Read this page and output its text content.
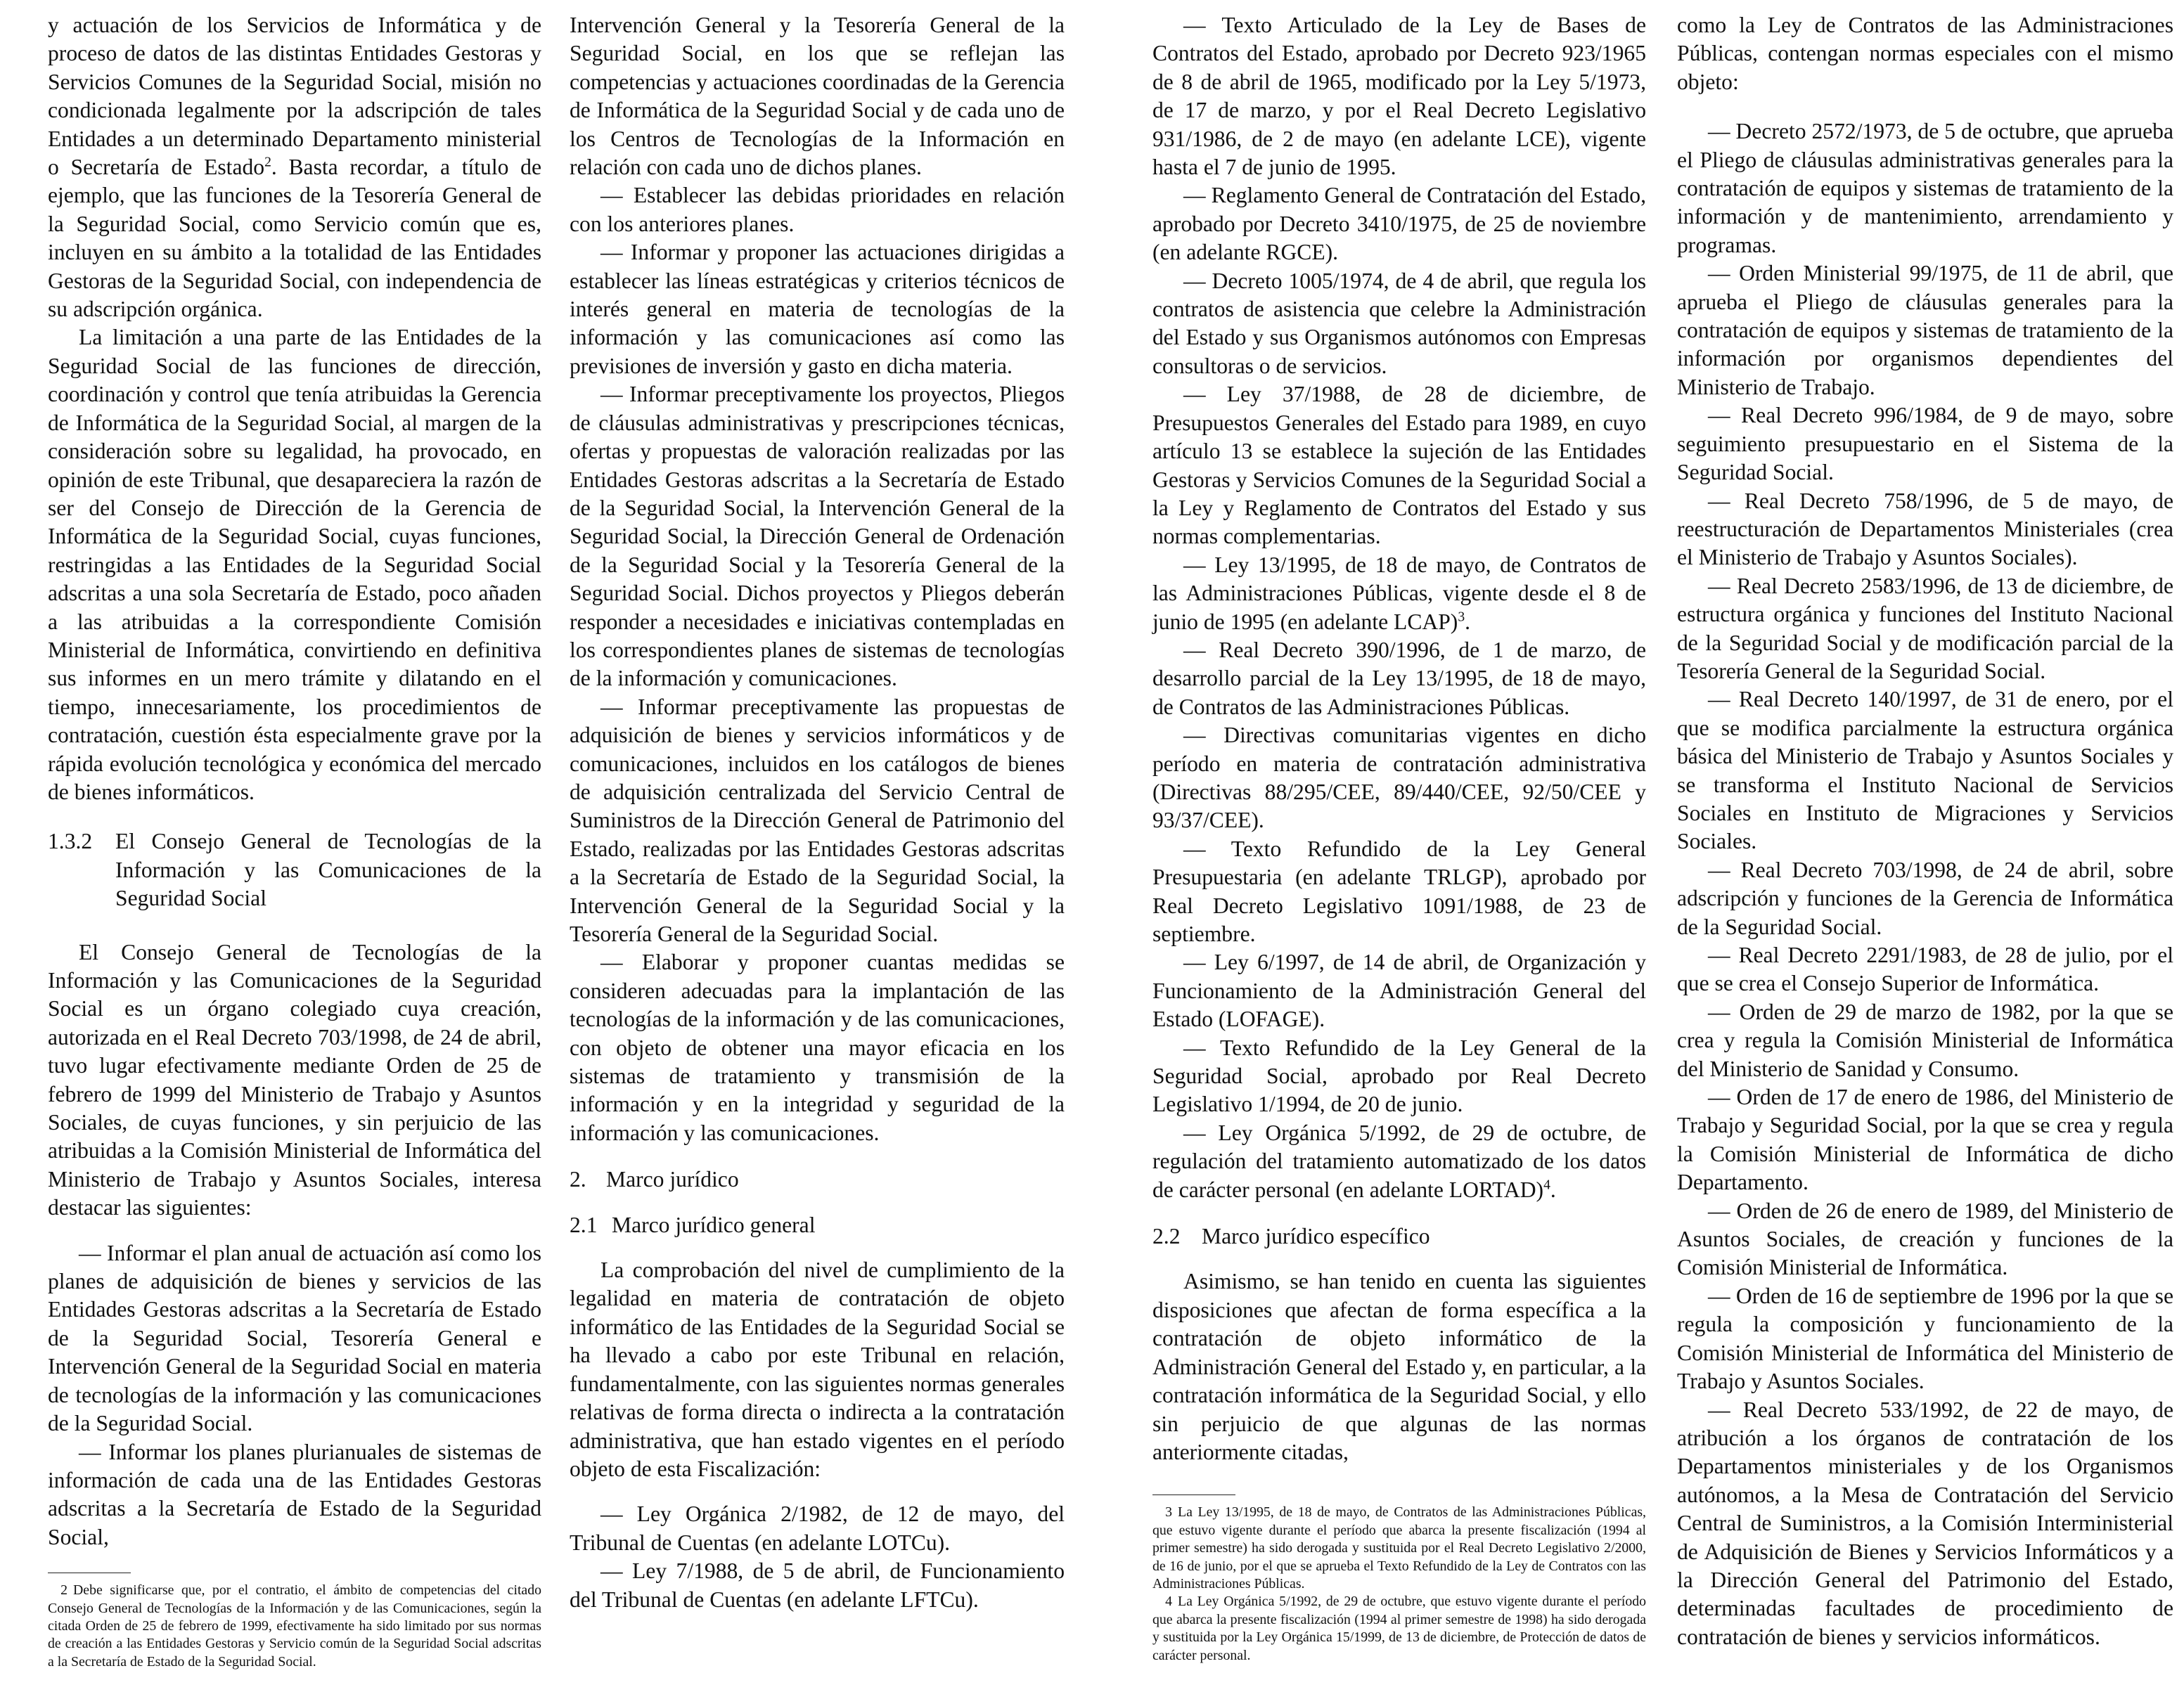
y actuación de los Servicios de Informática y de proceso de datos de las distintas Entidades Gestoras y Servicios Comunes de la Seguridad Social, misión no condicionada legalmente por la adscripción de tales Entidades a un determinado Departamento ministerial o Secretaría de Estado$^2$. Basta recordar, a título de ejemplo, que las funciones de la Tesorería General de la Seguridad Social, como Servicio común que es, incluyen en su ámbito a la totalidad de las Entidades Gestoras de la Seguridad Social, con independencia de su adscripción orgánica.

La limitación a una parte de las Entidades de la Seguridad Social de las funciones de dirección, coordinación y control que tenía atribuidas la Gerencia de Informática de la Seguridad Social, al margen de la consideración sobre su legalidad, ha provocado, en opinión de este Tribunal, que desapareciera la razón de ser del Consejo de Dirección de la Gerencia de Informática de la Seguridad Social, cuyas funciones, restringidas a las Entidades de la Seguridad Social adscritas a una sola Secretaría de Estado, poco añaden a las atribuidas a la correspondiente Comisión Ministerial de Informática, convirtiendo en definitiva sus informes en un mero trámite y dilatando en el tiempo, innecesariamente, los procedimientos de contratación, cuestión ésta especialmente grave por la rápida evolución tecnológica y económica del mercado de bienes informáticos.

1.3.2	El Consejo General de Tecnologías de la Información y las Comunicaciones de la Seguridad Social

El Consejo General de Tecnologías de la Información y las Comunicaciones de la Seguridad Social es un órgano colegiado cuya creación, autorizada en el Real Decreto 703/1998, de 24 de abril, tuvo lugar efectivamente mediante Orden de 25 de febrero de 1999 del Ministerio de Trabajo y Asuntos Sociales, de cuyas funciones, y sin perjuicio de las atribuidas a la Comisión Ministerial de Informática del Ministerio de Trabajo y Asuntos Sociales, interesa destacar las siguientes:

— Informar el plan anual de actuación así como los planes de adquisición de bienes y servicios de las Entidades Gestoras adscritas a la Secretaría de Estado de la Seguridad Social, Tesorería General e Intervención General de la Seguridad Social en materia de tecnologías de la información y las comunicaciones de la Seguridad Social.

— Informar los planes plurianuales de sistemas de información de cada una de las Entidades Gestoras adscritas a la Secretaría de Estado de la Seguridad Social,

2 Debe significarse que, por el contratio, el ámbito de competencias del citado Consejo General de Tecnologías de la Información y de las Comunicaciones, según la citada Orden de 25 de febrero de 1999, efectivamente ha sido limitado por sus normas de creación a las Entidades Gestoras y Servicio común de la Seguridad Social adscritas a la Secretaría de Estado de la Seguridad Social.

Intervención General y la Tesorería General de la Seguridad Social, en los que se reflejan las competencias y actuaciones coordinadas de la Gerencia de Informática de la Seguridad Social y de cada uno de los Centros de Tecnologías de la Información en relación con cada uno de dichos planes.

— Establecer las debidas prioridades en relación con los anteriores planes.

— Informar y proponer las actuaciones dirigidas a establecer las líneas estratégicas y criterios técnicos de interés general en materia de tecnologías de la información y las comunicaciones así como las previsiones de inversión y gasto en dicha materia.

— Informar preceptivamente los proyectos, Pliegos de cláusulas administrativas y prescripciones técnicas, ofertas y propuestas de valoración realizadas por las Entidades Gestoras adscritas a la Secretaría de Estado de la Seguridad Social, la Intervención General de la Seguridad Social, la Dirección General de Ordenación de la Seguridad Social y la Tesorería General de la Seguridad Social. Dichos proyectos y Pliegos deberán responder a necesidades e iniciativas contempladas en los correspondientes planes de sistemas de tecnologías de la información y comunicaciones.

— Informar preceptivamente las propuestas de adquisición de bienes y servicios informáticos y de comunicaciones, incluidos en los catálogos de bienes de adquisición centralizada del Servicio Central de Suministros de la Dirección General de Patrimonio del Estado, realizadas por las Entidades Gestoras adscritas a la Secretaría de Estado de la Seguridad Social, la Intervención General de la Seguridad Social y la Tesorería General de la Seguridad Social.

— Elaborar y proponer cuantas medidas se consideren adecuadas para la implantación de las tecnologías de la información y de las comunicaciones, con objeto de obtener una mayor eficacia en los sistemas de tratamiento y transmisión de la información y en la integridad y seguridad de la información y las comunicaciones.

2. Marco jurídico
2.1 Marco jurídico general

La comprobación del nivel de cumplimiento de la legalidad en materia de contratación de objeto informático de las Entidades de la Seguridad Social se ha llevado a cabo por este Tribunal en relación, fundamentalmente, con las siguientes normas generales relativas de forma directa o indirecta a la contratación administrativa, que han estado vigentes en el período objeto de esta Fiscalización:

— Ley Orgánica 2/1982, de 12 de mayo, del Tribunal de Cuentas (en adelante LOTCu).

— Ley 7/1988, de 5 de abril, de Funcionamiento del Tribunal de Cuentas (en adelante LFTCu).

— Texto Articulado de la Ley de Bases de Contratos del Estado, aprobado por Decreto 923/1965 de 8 de abril de 1965, modificado por la Ley 5/1973, de 17 de marzo, y por el Real Decreto Legislativo 931/1986, de 2 de mayo (en adelante LCE), vigente hasta el 7 de junio de 1995.

— Reglamento General de Contratación del Estado, aprobado por Decreto 3410/1975, de 25 de noviembre (en adelante RGCE).

— Decreto 1005/1974, de 4 de abril, que regula los contratos de asistencia que celebre la Administración del Estado y sus Organismos autónomos con Empresas consultoras o de servicios.

— Ley 37/1988, de 28 de diciembre, de Presupuestos Generales del Estado para 1989, en cuyo artículo 13 se establece la sujeción de las Entidades Gestoras y Servicios Comunes de la Seguridad Social a la Ley y Reglamento de Contratos del Estado y sus normas complementarias.

— Ley 13/1995, de 18 de mayo, de Contratos de las Administraciones Públicas, vigente desde el 8 de junio de 1995 (en adelante LCAP)$^3$.

— Real Decreto 390/1996, de 1 de marzo, de desarrollo parcial de la Ley 13/1995, de 18 de mayo, de Contratos de las Administraciones Públicas.

— Directivas comunitarias vigentes en dicho período en materia de contratación administrativa (Directivas 88/295/CEE, 89/440/CEE, 92/50/CEE y 93/37/CEE).

— Texto Refundido de la Ley General Presupuestaria (en adelante TRLGP), aprobado por Real Decreto Legislativo 1091/1988, de 23 de septiembre.

— Ley 6/1997, de 14 de abril, de Organización y Funcionamiento de la Administración General del Estado (LOFAGE).

— Texto Refundido de la Ley General de la Seguridad Social, aprobado por Real Decreto Legislativo 1/1994, de 20 de junio.

— Ley Orgánica 5/1992, de 29 de octubre, de regulación del tratamiento automatizado de los datos de carácter personal (en adelante LORTAD)$^4$.

2.2 Marco jurídico específico

Asimismo, se han tenido en cuenta las siguientes disposiciones que afectan de forma específica a la contratación de objeto informático de la Administración General del Estado y, en particular, a la contratación informática de la Seguridad Social, y ello sin perjuicio de que algunas de las normas anteriormente citadas,

3 La Ley 13/1995, de 18 de mayo, de Contratos de las Administraciones Públicas, que estuvo vigente durante el período que abarca la presente fiscalización (1994 al primer semestre) ha sido derogada y sustituida por el Real Decreto Legislativo 2/2000, de 16 de junio, por el que se aprueba el Texto Refundido de la Ley de Contratos con las Administraciones Públicas.

4 La Ley Orgánica 5/1992, de 29 de octubre, que estuvo vigente durante el período que abarca la presente fiscalización (1994 al primer semestre de 1998) ha sido derogada y sustituida por la Ley Orgánica 15/1999, de 13 de diciembre, de Protección de datos de carácter personal.

como la Ley de Contratos de las Administraciones Públicas, contengan normas especiales con el mismo objeto:

— Decreto 2572/1973, de 5 de octubre, que aprueba el Pliego de cláusulas administrativas generales para la contratación de equipos y sistemas de tratamiento de la información y de mantenimiento, arrendamiento y programas.

— Orden Ministerial 99/1975, de 11 de abril, que aprueba el Pliego de cláusulas generales para la contratación de equipos y sistemas de tratamiento de la información por organismos dependientes del Ministerio de Trabajo.

— Real Decreto 996/1984, de 9 de mayo, sobre seguimiento presupuestario en el Sistema de la Seguridad Social.

— Real Decreto 758/1996, de 5 de mayo, de reestructuración de Departamentos Ministeriales (crea el Ministerio de Trabajo y Asuntos Sociales).

— Real Decreto 2583/1996, de 13 de diciembre, de estructura orgánica y funciones del Instituto Nacional de la Seguridad Social y de modificación parcial de la Tesorería General de la Seguridad Social.

— Real Decreto 140/1997, de 31 de enero, por el que se modifica parcialmente la estructura orgánica básica del Ministerio de Trabajo y Asuntos Sociales y se transforma el Instituto Nacional de Servicios Sociales en Instituto de Migraciones y Servicios Sociales.

— Real Decreto 703/1998, de 24 de abril, sobre adscripción y funciones de la Gerencia de Informática de la Seguridad Social.

— Real Decreto 2291/1983, de 28 de julio, por el que se crea el Consejo Superior de Informática.

— Orden de 29 de marzo de 1982, por la que se crea y regula la Comisión Ministerial de Informática del Ministerio de Sanidad y Consumo.

— Orden de 17 de enero de 1986, del Ministerio de Trabajo y Seguridad Social, por la que se crea y regula la Comisión Ministerial de Informática de dicho Departamento.

— Orden de 26 de enero de 1989, del Ministerio de Asuntos Sociales, de creación y funciones de la Comisión Ministerial de Informática.

— Orden de 16 de septiembre de 1996 por la que se regula la composición y funcionamiento de la Comisión Ministerial de Informática del Ministerio de Trabajo y Asuntos Sociales.

— Real Decreto 533/1992, de 22 de mayo, de atribución a los órganos de contratación de los Departamentos ministeriales y de los Organismos autónomos, a la Mesa de Contratación del Servicio Central de Suministros, a la Comisión Interministerial de Adquisición de Bienes y Servicios Informáticos y a la Dirección General del Patrimonio del Estado, determinadas facultades de procedimiento de contratación de bienes y servicios informáticos.
